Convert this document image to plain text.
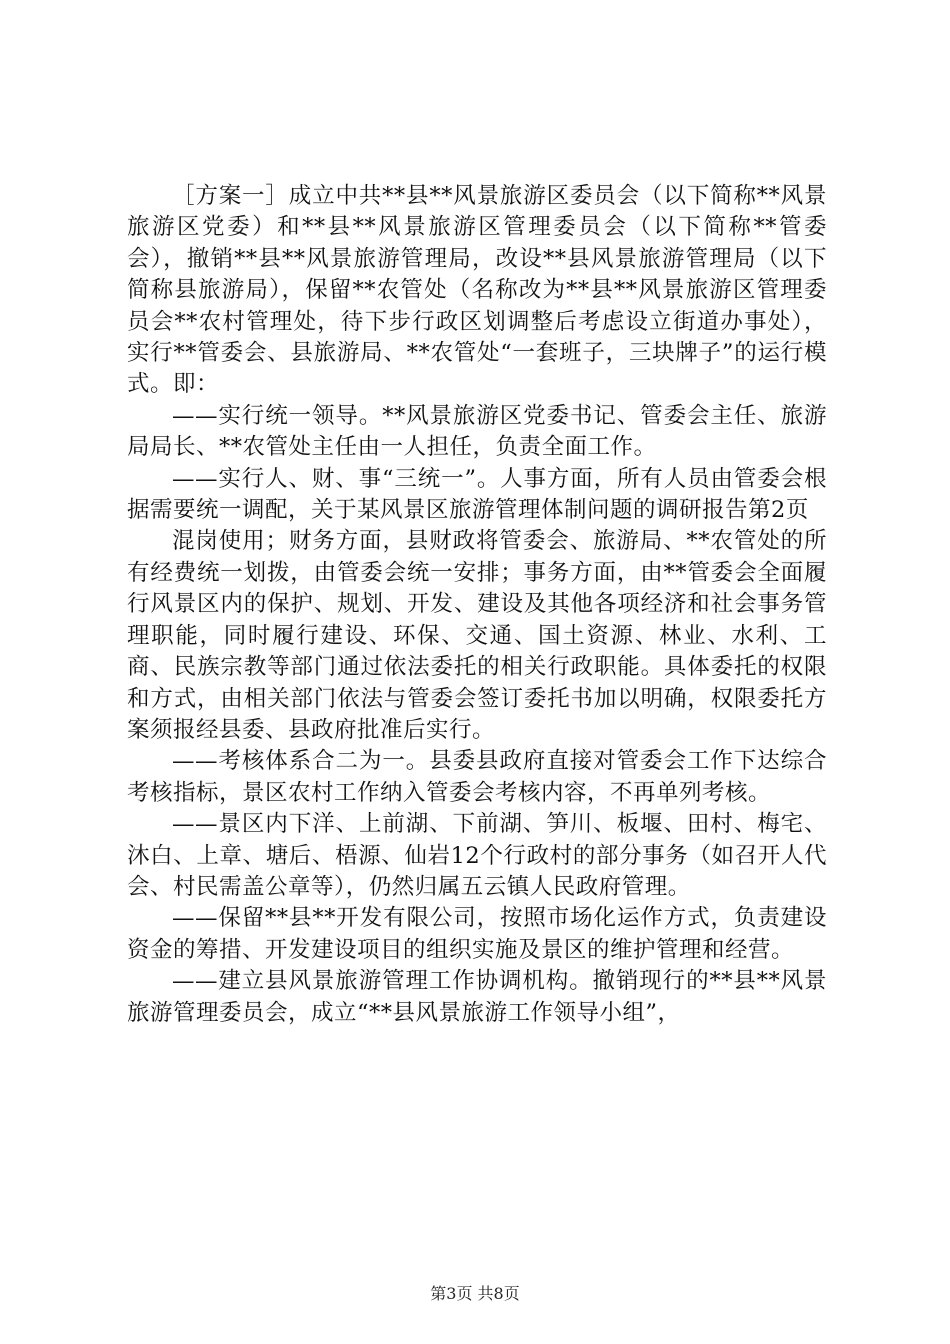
［方案一］成立中共**县**风景旅游区委员会（以下简称**风景旅游区党委）和**县**风景旅游区管理委员会（以下简称**管委会），撤销**县**风景旅游管理局，改设**县风景旅游管理局（以下简称县旅游局），保留**农管处（名称改为**县**风景旅游区管理委员会**农村管理处，待下步行政区划调整后考虑设立街道办事处），实行**管委会、县旅游局、**农管处“一套班子，三块牌子”的运行模式。即：

——实行统一领导。**风景旅游区党委书记、管委会主任、旅游局局长、**农管处主任由一人担任，负责全面工作。

——实行人、财、事“三统一”。人事方面，所有人员由管委会根据需要统一调配，关于某风景区旅游管理体制问题的调研报告第2页

混岗使用；财务方面，县财政将管委会、旅游局、**农管处的所有经费统一划拨，由管委会统一安排；事务方面，由**管委会全面履行风景区内的保护、规划、开发、建设及其他各项经济和社会事务管理职能，同时履行建设、环保、交通、国土资源、林业、水利、工商、民族宗教等部门通过依法委托的相关行政职能。具体委托的权限和方式，由相关部门依法与管委会签订委托书加以明确，权限委托方案须报经县委、县政府批准后实行。

——考核体系合二为一。县委县政府直接对管委会工作下达综合考核指标，景区农村工作纳入管委会考核内容，不再单列考核。

——景区内下洋、上前湖、下前湖、笋川、板堰、田村、梅宅、沐白、上章、塘后、梧源、仙岩12个行政村的部分事务（如召开人代会、村民需盖公章等），仍然归属五云镇人民政府管理。

——保留**县**开发有限公司，按照市场化运作方式，负责建设资金的筹措、开发建设项目的组织实施及景区的维护管理和经营。

——建立县风景旅游管理工作协调机构。撤销现行的**县**风景旅游管理委员会，成立“**县风景旅游工作领导小组”，

第3页 共8页
